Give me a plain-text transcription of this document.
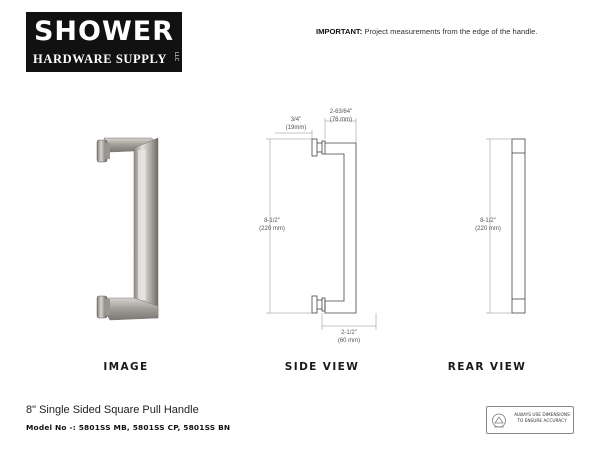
SHOWER
HARDWARE SUPPLY	LLC
IMPORTANT: Project measurements from the edge of the handle.
3/4"
(19mm)
2-63/64"
(76 mm)
8-1/2"
(220 mm)
2-1/2"
(60 mm)
8-1/2"
(220 mm)
IMAGE	SIDE VIEW	REAR VIEW
8" Single Sided Square Pull Handle
Model No -: 5801SS MB, 5801SS CP, 5801SS BN
ALWAYS USE DIMENSIONS
TO ENSURE ACCURACY
